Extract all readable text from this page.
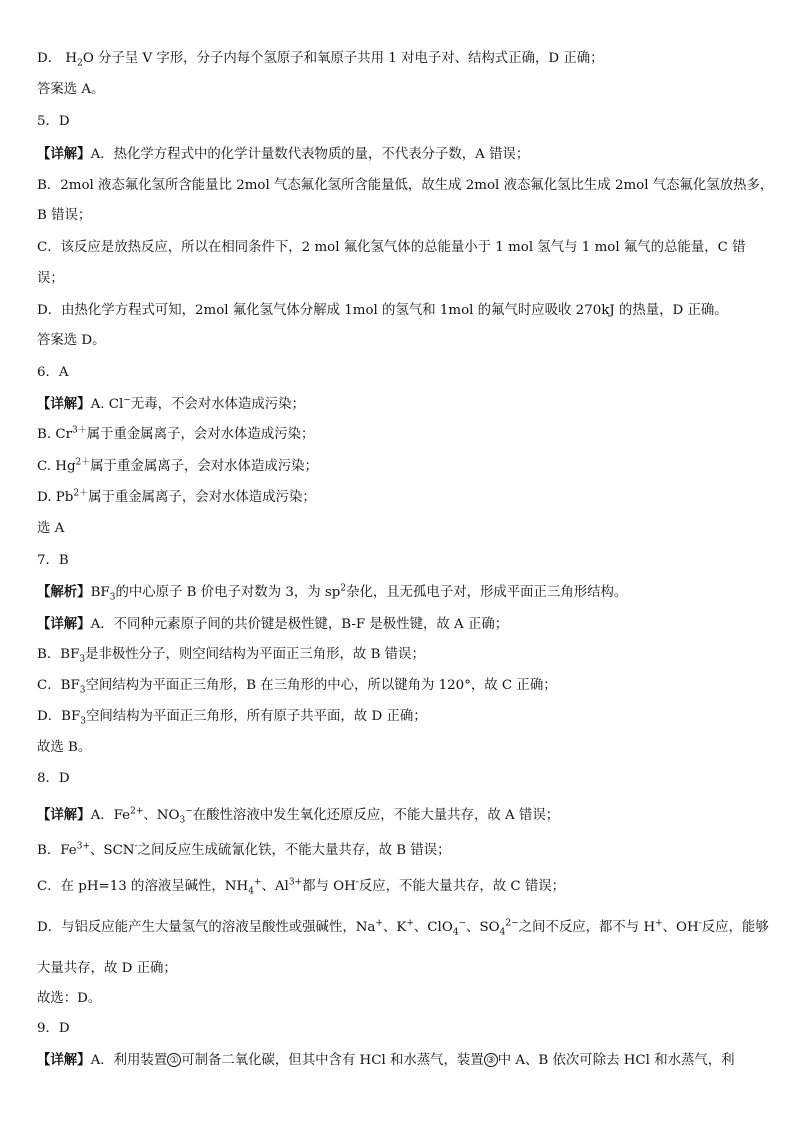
D． $H_2O$ 分子呈 V 字形，分子内每个氢原子和氧原子共用 1 对电子对、结构式正确，D 正确；
答案选 A。
5．D
【详解】A．热化学方程式中的化学计量数代表物质的量，不代表分子数，A 错误；
B．2mol 液态氟化氢所含能量比 2mol 气态氟化氢所含能量低，故生成 2mol 液态氟化氢比生成 2mol 气态氟化氢放热多，
B 错误；
C．该反应是放热反应，所以在相同条件下，2 mol 氟化氢气体的总能量小于 1 mol 氢气与 1 mol 氟气的总能量，C 错
误；
D．由热化学方程式可知，2mol 氟化氢气体分解成 1mol 的氢气和 1mol 的氟气时应吸收 270kJ 的热量，D 正确。
答案选 D。
6．A
【详解】A. Cl−无毒，不会对水体造成污染；
B. $Cr^{3+}$属于重金属离子，会对水体造成污染；
C. $Hg^{2+}$属于重金属离子，会对水体造成污染；
D. $Pb^{2+}$属于重金属离子，会对水体造成污染；
选 A
7．B
【解析】$BF_3$的中心原子 B 价电子对数为 3，为 $sp^2$杂化，且无孤电子对，形成平面正三角形结构。
【详解】A．不同种元素原子间的共价键是极性键，B-F 是极性键，故 A 正确；
B．$BF_3$是非极性分子，则空间结构为平面正三角形，故 B 错误；
C．$BF_3$空间结构为平面正三角形，B 在三角形的中心，所以键角为 120°，故 C 正确；
D．$BF_3$空间结构为平面正三角形，所有原子共平面，故 D 正确；
故选 B。
8．D
【详解】A．$Fe^{2+}$、$NO_3^-$在酸性溶液中发生氧化还原反应，不能大量共存，故 A 错误；
B．$Fe^{3+}$、SCN-之间反应生成硫氰化铁，不能大量共存，故 B 错误；
C．在 pH=13 的溶液呈碱性，$NH_4^+$、$Al^{3+}$都与 OH-反应，不能大量共存，故 C 错误；
D．与铝反应能产生大量氢气的溶液呈酸性或强碱性，Na+、K+、ClO$_4$−、$SO_4^{2-}$之间不反应，都不与 H+、OH-反应，能够
大量共存，故 D 正确；
故选：D。
9．D
【详解】A．利用装置 ① 可制备二氧化碳，但其中含有 HCl 和水蒸气，装置 ③ 中 A、B 依次可除去 HCl 和水蒸气，利
